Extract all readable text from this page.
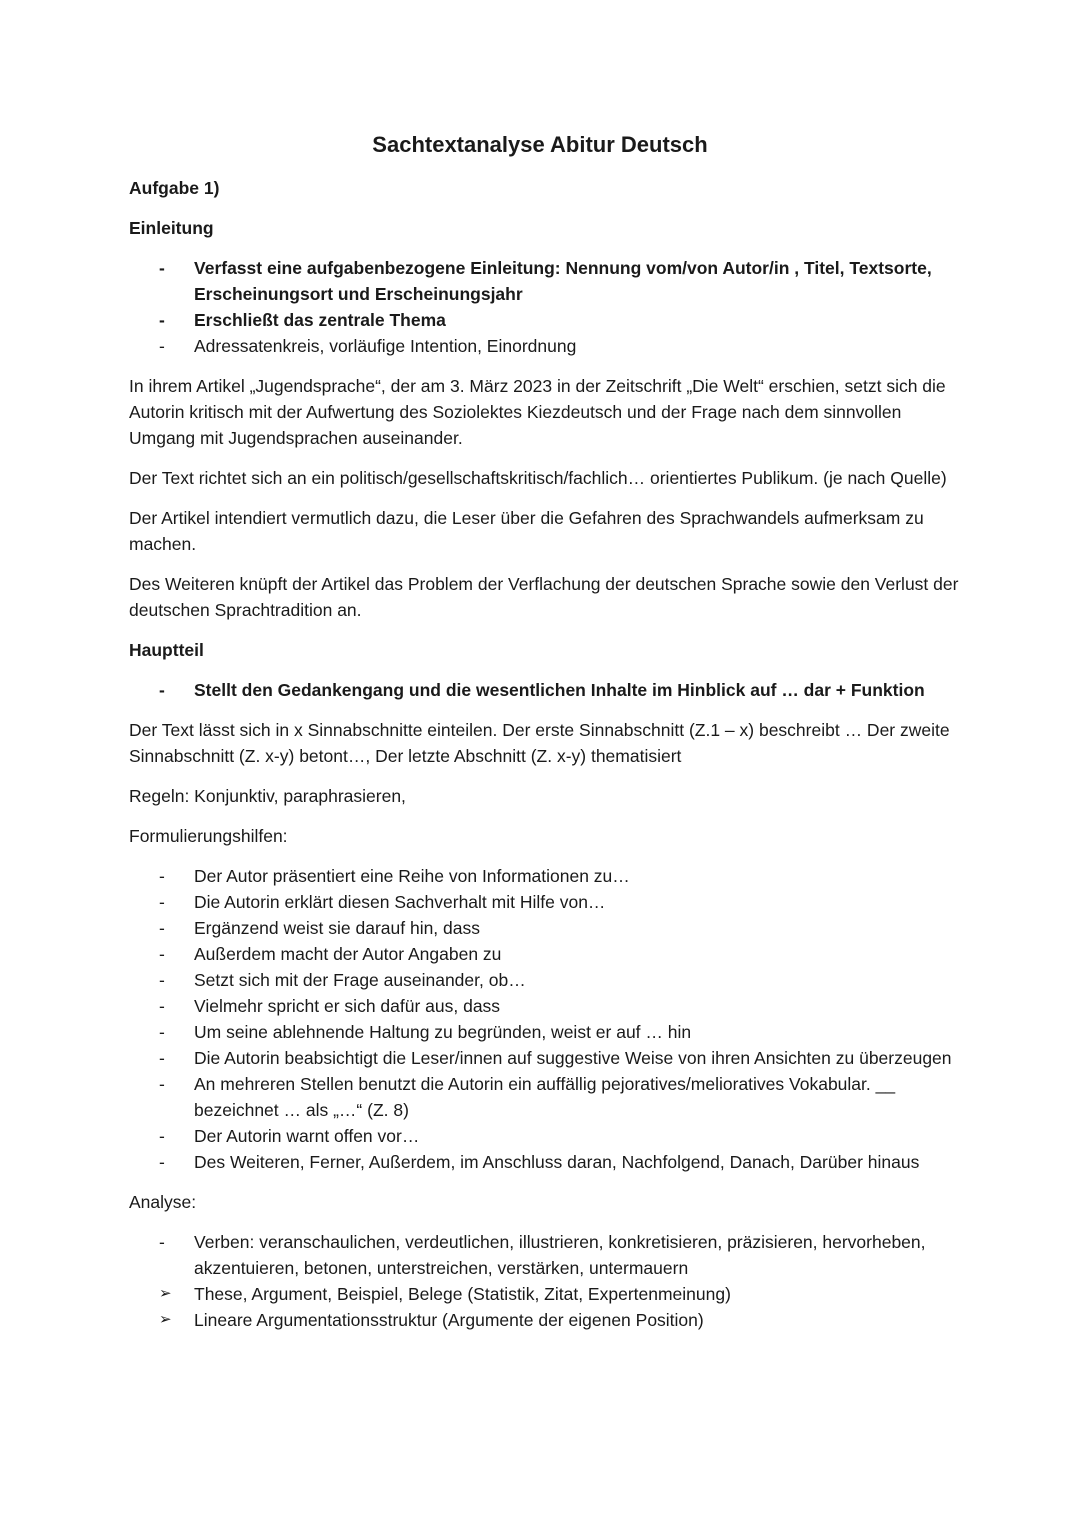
Sachtextanalyse Abitur Deutsch
Aufgabe 1)
Einleitung
-	Verfasst eine aufgabenbezogene Einleitung: Nennung vom/von Autor/in , Titel, Textsorte, Erscheinungsort und Erscheinungsjahr
-	Erschließt das zentrale Thema
-	Adressatenkreis, vorläufige Intention, Einordnung

In ihrem Artikel „Jugendsprache“, der am 3. März 2023 in der Zeitschrift „Die Welt“ erschien, setzt sich die Autorin kritisch mit der Aufwertung des Soziolektes Kiezdeutsch und der Frage nach dem sinnvollen Umgang mit Jugendsprachen auseinander.

Der Text richtet sich an ein politisch/gesellschaftskritisch/fachlich… orientiertes Publikum. (je nach Quelle)

Der Artikel intendiert vermutlich dazu, die Leser über die Gefahren des Sprachwandels aufmerksam zu machen.

Des Weiteren knüpft der Artikel das Problem der Verflachung der deutschen Sprache sowie den Verlust der deutschen Sprachtradition an.

Hauptteil
-	Stellt den Gedankengang und die wesentlichen Inhalte im Hinblick auf … dar + Funktion

Der Text lässt sich in x Sinnabschnitte einteilen. Der erste Sinnabschnitt (Z.1 – x) beschreibt … Der zweite Sinnabschnitt (Z. x-y) betont…, Der letzte Abschnitt (Z. x-y) thematisiert

Regeln: Konjunktiv, paraphrasieren,

Formulierungshilfen:

-	Der Autor präsentiert eine Reihe von Informationen zu…
-	Die Autorin erklärt diesen Sachverhalt mit Hilfe von…
-	Ergänzend weist sie darauf hin, dass
-	Außerdem macht der Autor Angaben zu
-	Setzt sich mit der Frage auseinander, ob…
-	Vielmehr spricht er sich dafür aus, dass
-	Um seine ablehnende Haltung zu begründen, weist er auf … hin
-	Die Autorin beabsichtigt die Leser/innen auf suggestive Weise von ihren Ansichten zu überzeugen
-	An mehreren Stellen benutzt die Autorin ein auffällig pejoratives/melioratives Vokabular. __ bezeichnet … als „…“ (Z. 8)
-	Der Autorin warnt offen vor…
-	Des Weiteren, Ferner, Außerdem, im Anschluss daran, Nachfolgend, Danach, Darüber hinaus

Analyse:

-	Verben: veranschaulichen, verdeutlichen, illustrieren, konkretisieren, präzisieren, hervorheben, akzentuieren, betonen, unterstreichen, verstärken, untermauern
➢	These, Argument, Beispiel, Belege (Statistik, Zitat, Expertenmeinung)
➢	Lineare Argumentationsstruktur (Argumente der eigenen Position)
